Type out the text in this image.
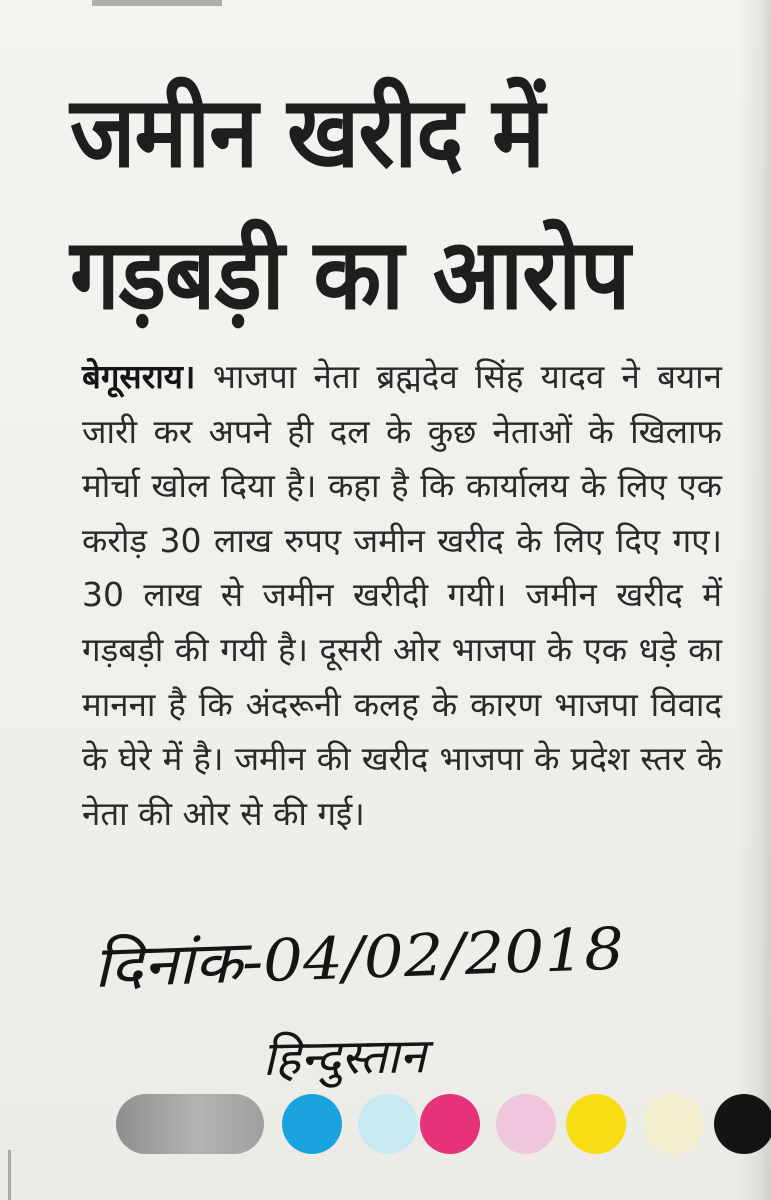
जमीन खरीद में
गड़बड़ी का आरोप

बेगूसराय। भाजपा नेता ब्रह्मदेव सिंह यादव ने बयान जारी कर अपने ही दल के कुछ नेताओं के खिलाफ मोर्चा खोल दिया है। कहा है कि कार्यालय के लिए एक करोड़ 30 लाख रुपए जमीन खरीद के लिए दिए गए। 30 लाख से जमीन खरीदी गयी। जमीन खरीद में गड़बड़ी की गयी है। दूसरी ओर भाजपा के एक धड़े का मानना है कि अंदरूनी कलह के कारण भाजपा विवाद के घेरे में है। जमीन की खरीद भाजपा के प्रदेश स्तर के नेता की ओर से की गई।

दिनांक-04/02/2018
हिन्दुस्तान
